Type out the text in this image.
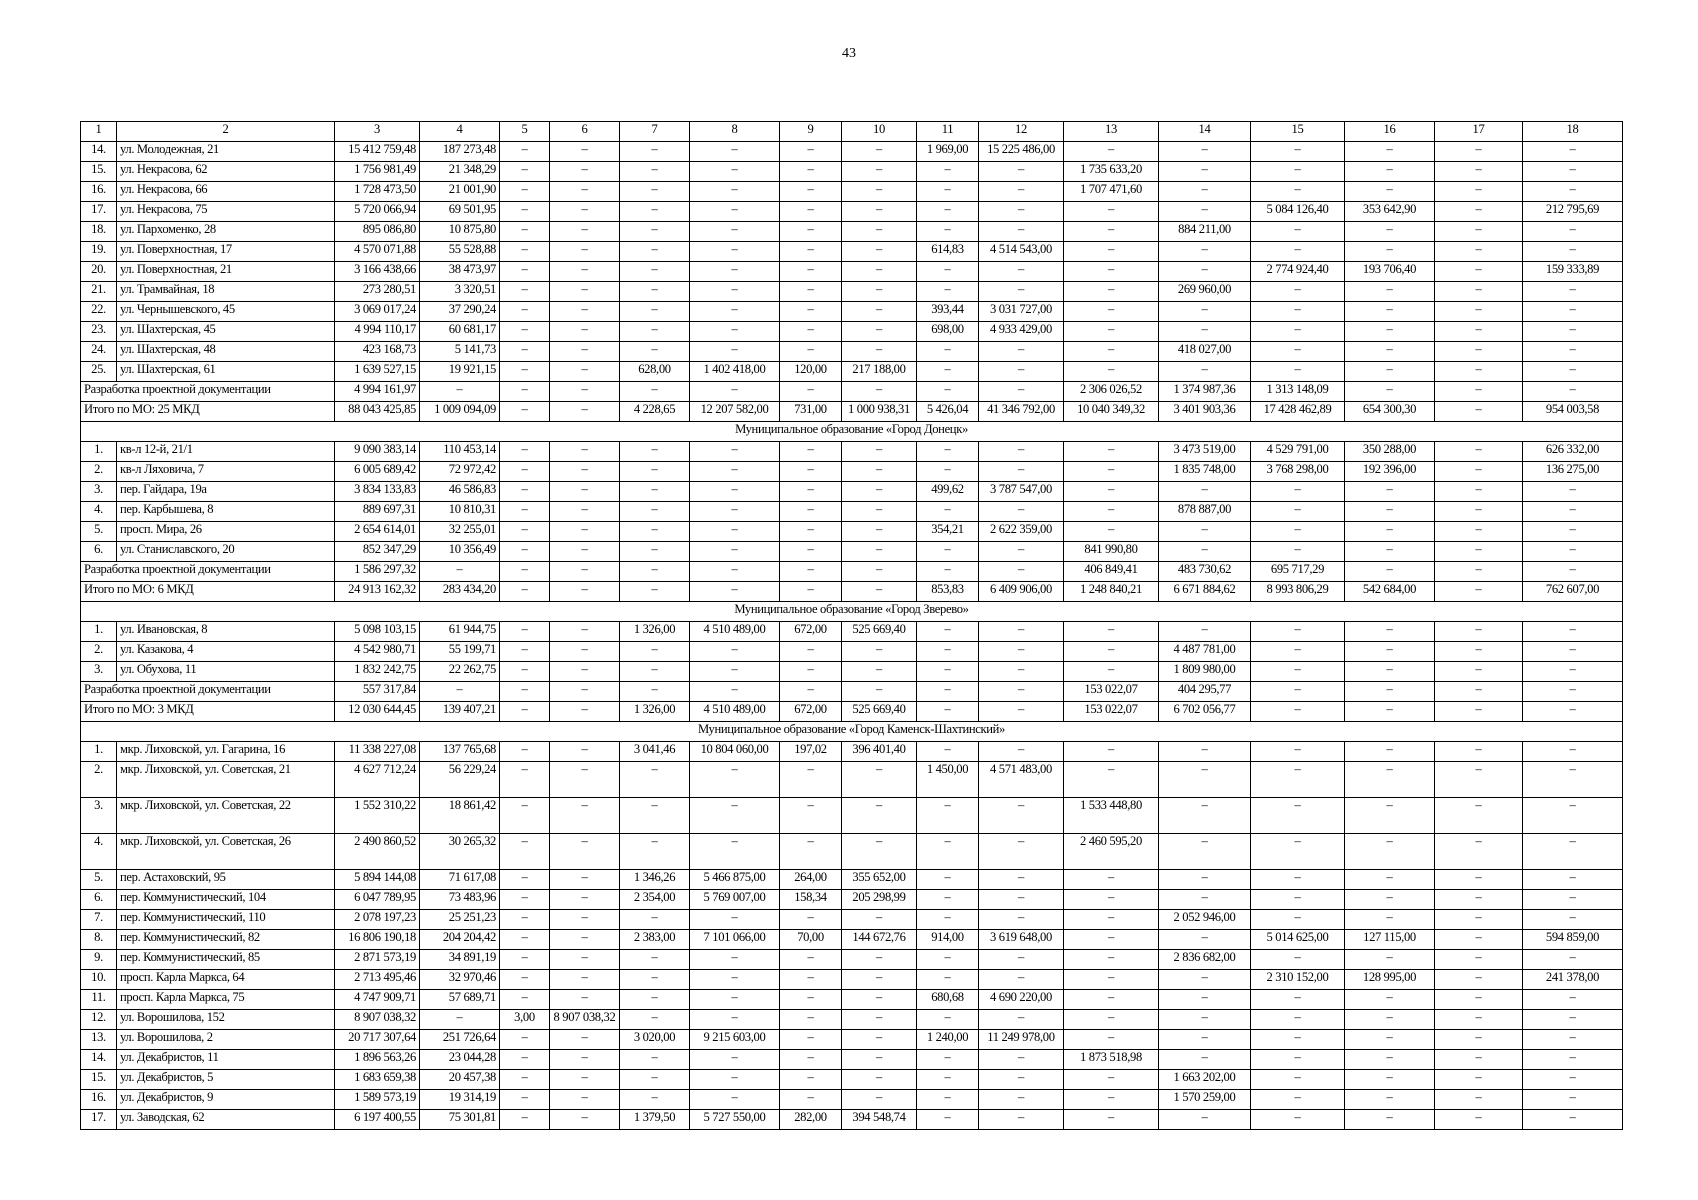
43
1	2	3	4	5	6	7	8	9	10	11	12	13	14	15	16	17	18
14.	ул. Молодежная, 21	15 412 759,48	187 273,48	–	–	–	–	–	–	1 969,00	15 225 486,00	–	–	–	–	–	–
15.	ул. Некрасова, 62	1 756 981,49	21 348,29	–	–	–	–	–	–	–	–	1 735 633,20	–	–	–	–	–
16.	ул. Некрасова, 66	1 728 473,50	21 001,90	–	–	–	–	–	–	–	–	1 707 471,60	–	–	–	–	–
17.	ул. Некрасова, 75	5 720 066,94	69 501,95	–	–	–	–	–	–	–	–	–	–	5 084 126,40	353 642,90	–	212 795,69
18.	ул. Пархоменко, 28	895 086,80	10 875,80	–	–	–	–	–	–	–	–	–	884 211,00	–	–	–	–
19.	ул. Поверхностная, 17	4 570 071,88	55 528,88	–	–	–	–	–	–	614,83	4 514 543,00	–	–	–	–	–	–
20.	ул. Поверхностная, 21	3 166 438,66	38 473,97	–	–	–	–	–	–	–	–	–	–	2 774 924,40	193 706,40	–	159 333,89
21.	ул. Трамвайная, 18	273 280,51	3 320,51	–	–	–	–	–	–	–	–	–	269 960,00	–	–	–	–
22.	ул. Чернышевского, 45	3 069 017,24	37 290,24	–	–	–	–	–	–	393,44	3 031 727,00	–	–	–	–	–	–
23.	ул. Шахтерская, 45	4 994 110,17	60 681,17	–	–	–	–	–	–	698,00	4 933 429,00	–	–	–	–	–	–
24.	ул. Шахтерская, 48	423 168,73	5 141,73	–	–	–	–	–	–	–	–	–	418 027,00	–	–	–	–
25.	ул. Шахтерская, 61	1 639 527,15	19 921,15	–	–	628,00	1 402 418,00	120,00	217 188,00	–	–	–	–	–	–	–	–
Разработка проектной документации		4 994 161,97	–	–	–	–	–	–	–	–	–	2 306 026,52	1 374 987,36	1 313 148,09	–	–	–
Итого по МО: 25 МКД		88 043 425,85	1 009 094,09	–	–	4 228,65	12 207 582,00	731,00	1 000 938,31	5 426,04	41 346 792,00	10 040 349,32	3 401 903,36	17 428 462,89	654 300,30	–	954 003,58
Муниципальное образование «Город Донецк»																	
1.	кв-л 12-й, 21/1	9 090 383,14	110 453,14	–	–	–	–	–	–	–	–	–	3 473 519,00	4 529 791,00	350 288,00	–	626 332,00
2.	кв-л Ляховича, 7	6 005 689,42	72 972,42	–	–	–	–	–	–	–	–	–	1 835 748,00	3 768 298,00	192 396,00	–	136 275,00
3.	пер. Гайдара, 19а	3 834 133,83	46 586,83	–	–	–	–	–	–	499,62	3 787 547,00	–	–	–	–	–	–
4.	пер. Карбышева, 8	889 697,31	10 810,31	–	–	–	–	–	–	–	–	–	878 887,00	–	–	–	–
5.	просп. Мира, 26	2 654 614,01	32 255,01	–	–	–	–	–	–	354,21	2 622 359,00	–	–	–	–	–	–
6.	ул. Станиславского, 20	852 347,29	10 356,49	–	–	–	–	–	–	–	–	841 990,80	–	–	–	–	–
Разработка проектной документации		1 586 297,32	–	–	–	–	–	–	–	–	–	406 849,41	483 730,62	695 717,29	–	–	–
Итого по МО: 6 МКД		24 913 162,32	283 434,20	–	–	–	–	–	–	853,83	6 409 906,00	1 248 840,21	6 671 884,62	8 993 806,29	542 684,00	–	762 607,00
Муниципальное образование «Город Зверево»																	
1.	ул. Ивановская, 8	5 098 103,15	61 944,75	–	–	1 326,00	4 510 489,00	672,00	525 669,40	–	–	–	–	–	–	–	–
2.	ул. Казакова, 4	4 542 980,71	55 199,71	–	–	–	–	–	–	–	–	–	4 487 781,00	–	–	–	–
3.	ул. Обухова, 11	1 832 242,75	22 262,75	–	–	–	–	–	–	–	–	–	1 809 980,00	–	–	–	–
Разработка проектной документации		557 317,84	–	–	–	–	–	–	–	–	–	153 022,07	404 295,77	–	–	–	–
Итого по МО: 3 МКД		12 030 644,45	139 407,21	–	–	1 326,00	4 510 489,00	672,00	525 669,40	–	–	153 022,07	6 702 056,77	–	–	–	–
Муниципальное образование «Город Каменск-Шахтинский»																	
1.	мкр. Лиховской, ул. Гагарина, 16	11 338 227,08	137 765,68	–	–	3 041,46	10 804 060,00	197,02	396 401,40	–	–	–	–	–	–	–	–
2.	мкр. Лиховской, ул. Советская, 21	4 627 712,24	56 229,24	–	–	–	–	–	–	1 450,00	4 571 483,00	–	–	–	–	–	–
3.	мкр. Лиховской, ул. Советская, 22	1 552 310,22	18 861,42	–	–	–	–	–	–	–	–	1 533 448,80	–	–	–	–	–
4.	мкр. Лиховской, ул. Советская, 26	2 490 860,52	30 265,32	–	–	–	–	–	–	–	–	2 460 595,20	–	–	–	–	–
5.	пер. Астаховский, 95	5 894 144,08	71 617,08	–	–	1 346,26	5 466 875,00	264,00	355 652,00	–	–	–	–	–	–	–	–
6.	пер. Коммунистический, 104	6 047 789,95	73 483,96	–	–	2 354,00	5 769 007,00	158,34	205 298,99	–	–	–	–	–	–	–	–
7.	пер. Коммунистический, 110	2 078 197,23	25 251,23	–	–	–	–	–	–	–	–	–	2 052 946,00	–	–	–	–
8.	пер. Коммунистический, 82	16 806 190,18	204 204,42	–	–	2 383,00	7 101 066,00	70,00	144 672,76	914,00	3 619 648,00	–	–	5 014 625,00	127 115,00	–	594 859,00
9.	пер. Коммунистический, 85	2 871 573,19	34 891,19	–	–	–	–	–	–	–	–	–	2 836 682,00	–	–	–	–
10.	просп. Карла Маркса, 64	2 713 495,46	32 970,46	–	–	–	–	–	–	–	–	–	–	2 310 152,00	128 995,00	–	241 378,00
11.	просп. Карла Маркса, 75	4 747 909,71	57 689,71	–	–	–	–	–	–	680,68	4 690 220,00	–	–	–	–	–	–
12.	ул. Ворошилова, 152	8 907 038,32	–	3,00	8 907 038,32	–	–	–	–	–	–	–	–	–	–	–	–
13.	ул. Ворошилова, 2	20 717 307,64	251 726,64	–	–	3 020,00	9 215 603,00	–	–	1 240,00	11 249 978,00	–	–	–	–	–	–
14.	ул. Декабристов, 11	1 896 563,26	23 044,28	–	–	–	–	–	–	–	–	1 873 518,98	–	–	–	–	–
15.	ул. Декабристов, 5	1 683 659,38	20 457,38	–	–	–	–	–	–	–	–	–	1 663 202,00	–	–	–	–
16.	ул. Декабристов, 9	1 589 573,19	19 314,19	–	–	–	–	–	–	–	–	–	1 570 259,00	–	–	–	–
17.	ул. Заводская, 62	6 197 400,55	75 301,81	–	–	1 379,50	5 727 550,00	282,00	394 548,74	–	–	–	–	–	–	–	–
